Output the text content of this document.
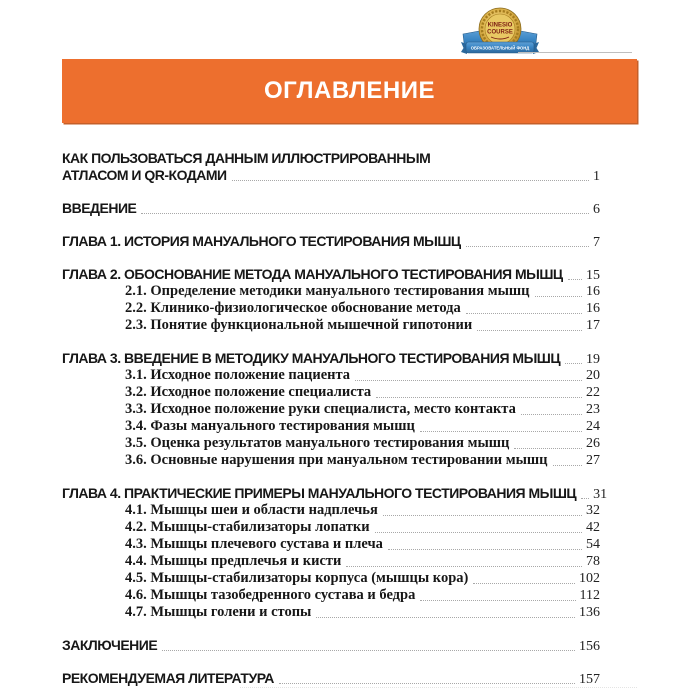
KINESIO
COURSE
ОБРАЗОВАТЕЛЬНЫЙ ФОНД
ОГЛАВЛЕНИЕ
КАК ПОЛЬЗОВАТЬСЯ ДАННЫМ ИЛЛЮСТРИРОВАННЫМ
АТЛАСОМ И QR-КОДАМИ	1
ВВЕДЕНИЕ	6
ГЛАВА 1. ИСТОРИЯ МАНУАЛЬНОГО ТЕСТИРОВАНИЯ МЫШЦ	7
ГЛАВА 2. ОБОСНОВАНИЕ МЕТОДА МАНУАЛЬНОГО ТЕСТИРОВАНИЯ МЫШЦ 15
2.1. Определение методики мануального тестирования мышц	16
2.2. Клинико-физиологическое обоснование метода	16
2.3. Понятие функциональной мышечной гипотонии	17
ГЛАВА 3. ВВЕДЕНИЕ В МЕТОДИКУ МАНУАЛЬНОГО ТЕСТИРОВАНИЯ МЫШЦ 19
3.1. Исходное положение пациента	20
3.2. Исходное положение специалиста	22
3.3. Исходное положение руки специалиста, место контакта	23
3.4. Фазы мануального тестирования мышц	24
3.5. Оценка результатов мануального тестирования мышц	26
3.6. Основные нарушения при мануальном тестировании мышц	27
ГЛАВА 4. ПРАКТИЧЕСКИЕ ПРИМЕРЫ МАНУАЛЬНОГО ТЕСТИРОВАНИЯ МЫШЦ 31
4.1. Мышцы шеи и области надплечья	32
4.2. Мышцы-стабилизаторы лопатки	42
4.3. Мышцы плечевого сустава и плеча	54
4.4. Мышцы предплечья и кисти	78
4.5. Мышцы-стабилизаторы корпуса (мышцы кора)	102
4.6. Мышцы тазобедренного сустава и бедра	112
4.7. Мышцы голени и стопы	136
ЗАКЛЮЧЕНИЕ	156
РЕКОМЕНДУЕМАЯ ЛИТЕРАТУРА	157
